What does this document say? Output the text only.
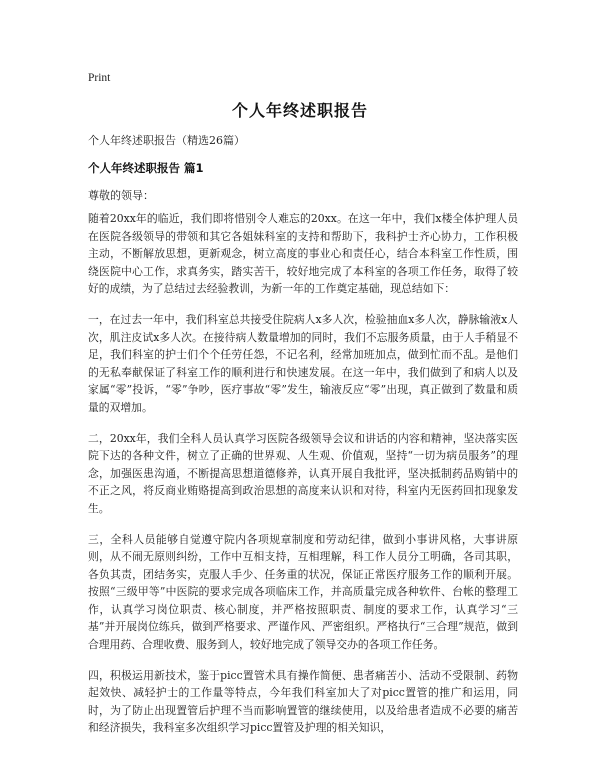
Print
个人年终述职报告
个人年终述职报告（精选26篇）
个人年终述职报告 篇1
尊敬的领导：

随着20xx年的临近，我们即将惜别令人难忘的20xx。在这一年中，我们x楼全体护理人员在医院各级领导的带领和其它各姐妹科室的支持和帮助下，我科护士齐心协力，工作积极主动，不断解放思想，更新观念，树立高度的事业心和责任心，结合本科室工作性质，围绕医院中心工作，求真务实，踏实苦干，较好地完成了本科室的各项工作任务，取得了较好的成绩，为了总结过去经验教训，为新一年的工作奠定基础，现总结如下：

一，在过去一年中，我们科室总共接受住院病人x多人次，检验抽血x多人次，静脉输液x人次，肌注皮试x多人次。在接待病人数量增加的同时，我们不忘服务质量，由于人手稍显不足，我们科室的护士们个个任劳任怨，不记名利，经常加班加点，做到忙而不乱。是他们的无私奉献保证了科室工作的顺利进行和快速发展。在这一年中，我们做到了和病人以及家属“零”投诉，“零”争吵，医疗事故“零”发生，输液反应“零”出现，真正做到了数量和质量的双增加。

二，20xx年，我们全科人员认真学习医院各级领导会议和讲话的内容和精神，坚决落实医院下达的各种文件，树立了正确的世界观、人生观、价值观，坚持“一切为病员服务”的理念，加强医患沟通，不断提高思想道德修养，认真开展自我批评，坚决抵制药品购销中的不正之风，将反商业贿赂提高到政治思想的高度来认识和对待，科室内无医药回扣现象发生。

三，全科人员能够自觉遵守院内各项规章制度和劳动纪律，做到小事讲风格，大事讲原则，从不闹无原则纠纷，工作中互相支持，互相理解，科工作人员分工明确，各司其职，各负其责，团结务实，克服人手少、任务重的状况，保证正常医疗服务工作的顺利开展。按照“三级甲等”中医院的要求完成各项临床工作，并高质量完成各种软件、台帐的整理工作，认真学习岗位职责、核心制度，并严格按照职责、制度的要求工作，认真学习“三基”并开展岗位练兵，做到严格要求、严谨作风、严密组织。严格执行“三合理”规范，做到合理用药、合理收费、服务到人，较好地完成了领导交办的各项工作任务。

四，积极运用新技术，鉴于picc置管术具有操作简便、患者痛苦小、活动不受限制、药物起效快、减轻护士的工作量等特点，今年我们科室加大了对picc置管的推广和运用，同时，为了防止出现置管后护理不当而影响置管的继续使用，以及给患者造成不必要的痛苦和经济损失，我科室多次组织学习picc置管及护理的相关知识，
